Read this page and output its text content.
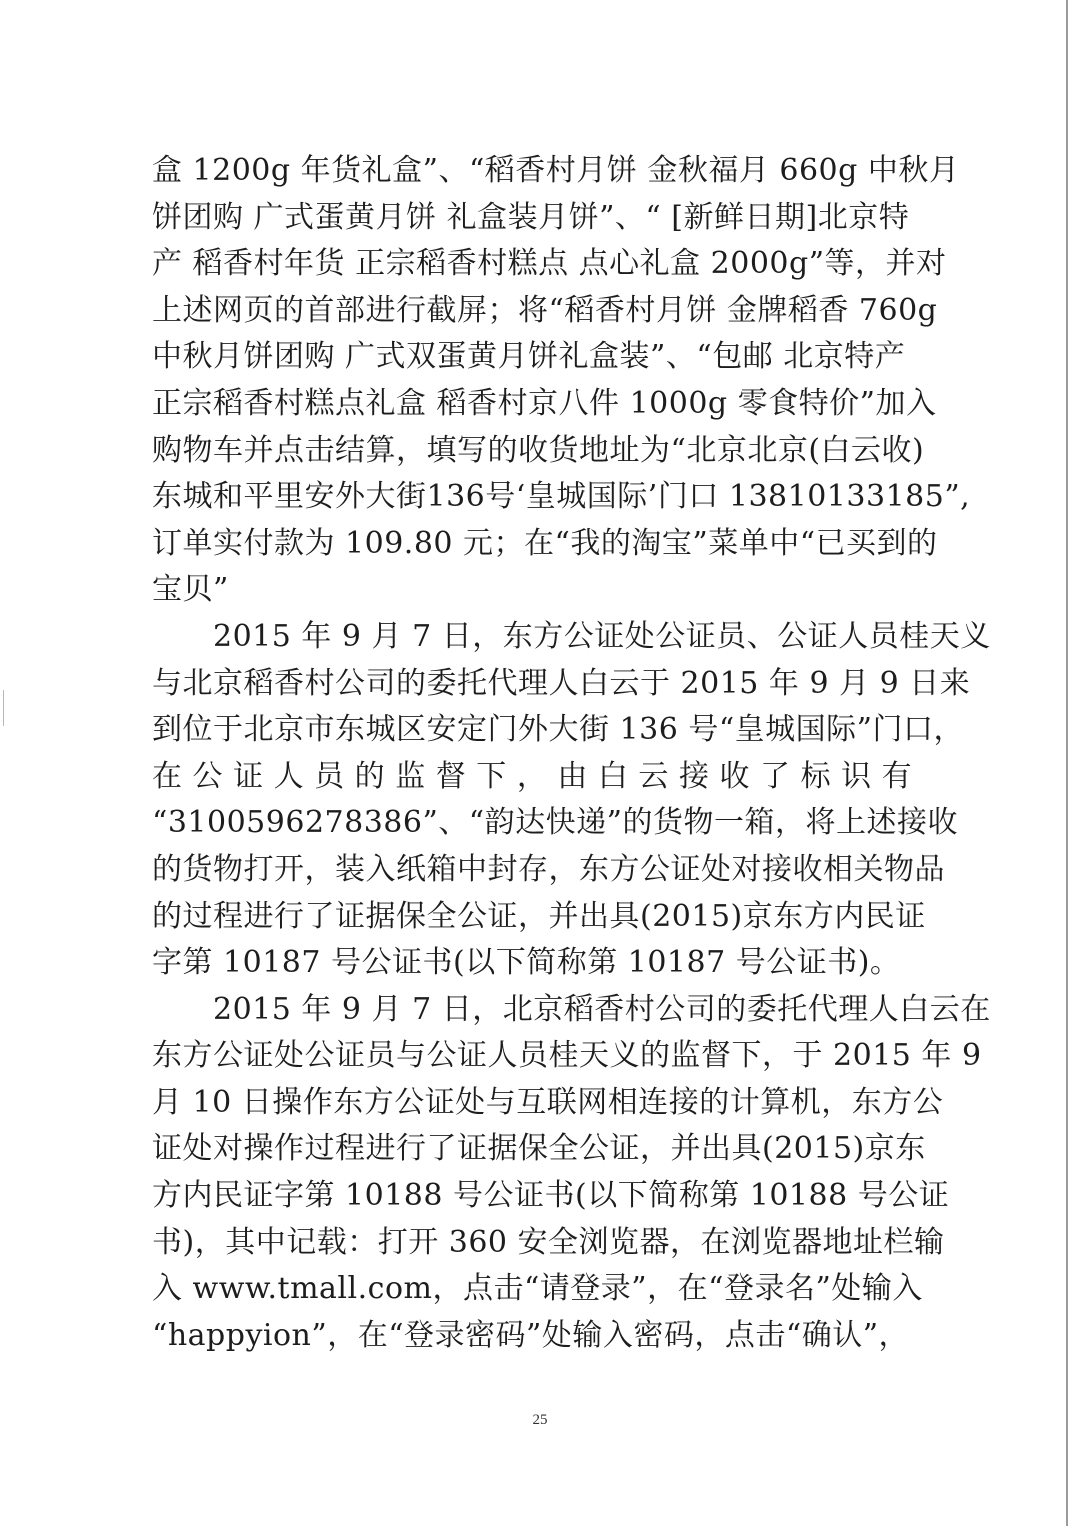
盒 1200g 年货礼盒”、“稻香村月饼 金秋福月 660g 中秋月
饼团购 广式蛋黄月饼 礼盒装月饼”、“ [新鲜日期]北京特
产 稻香村年货 正宗稻香村糕点 点心礼盒 2000g”等，并对
上述网页的首部进行截屏；将“稻香村月饼 金牌稻香 760g
中秋月饼团购 广式双蛋黄月饼礼盒装”、“包邮 北京特产
正宗稻香村糕点礼盒 稻香村京八件 1000g 零食特价”加入
购物车并点击结算，填写的收货地址为“北京北京(白云收)
东城和平里安外大街136号‘皇城国际’门口 13810133185”,
订单实付款为 109.80 元；在“我的淘宝”菜单中“已买到的
宝贝”
　　2015 年 9 月 7 日，东方公证处公证员、公证人员桂天义
与北京稻香村公司的委托代理人白云于 2015 年 9 月 9 日来
到位于北京市东城区安定门外大街 136 号“皇城国际”门口，
在 公 证 人 员 的 监 督 下 ， 由 白 云 接 收 了 标 识 有
“3100596278386”、“韵达快递”的货物一箱，将上述接收
的货物打开，装入纸箱中封存，东方公证处对接收相关物品
的过程进行了证据保全公证，并出具(2015)京东方内民证
字第 10187 号公证书(以下简称第 10187 号公证书)。
　　2015 年 9 月 7 日，北京稻香村公司的委托代理人白云在
东方公证处公证员与公证人员桂天义的监督下，于 2015 年 9
月 10 日操作东方公证处与互联网相连接的计算机，东方公
证处对操作过程进行了证据保全公证，并出具(2015)京东
方内民证字第 10188 号公证书(以下简称第 10188 号公证
书)，其中记载：打开 360 安全浏览器，在浏览器地址栏输
入 www.tmall.com，点击“请登录”，在“登录名”处输入
“happyion”，在“登录密码”处输入密码，点击“确认”，
25
